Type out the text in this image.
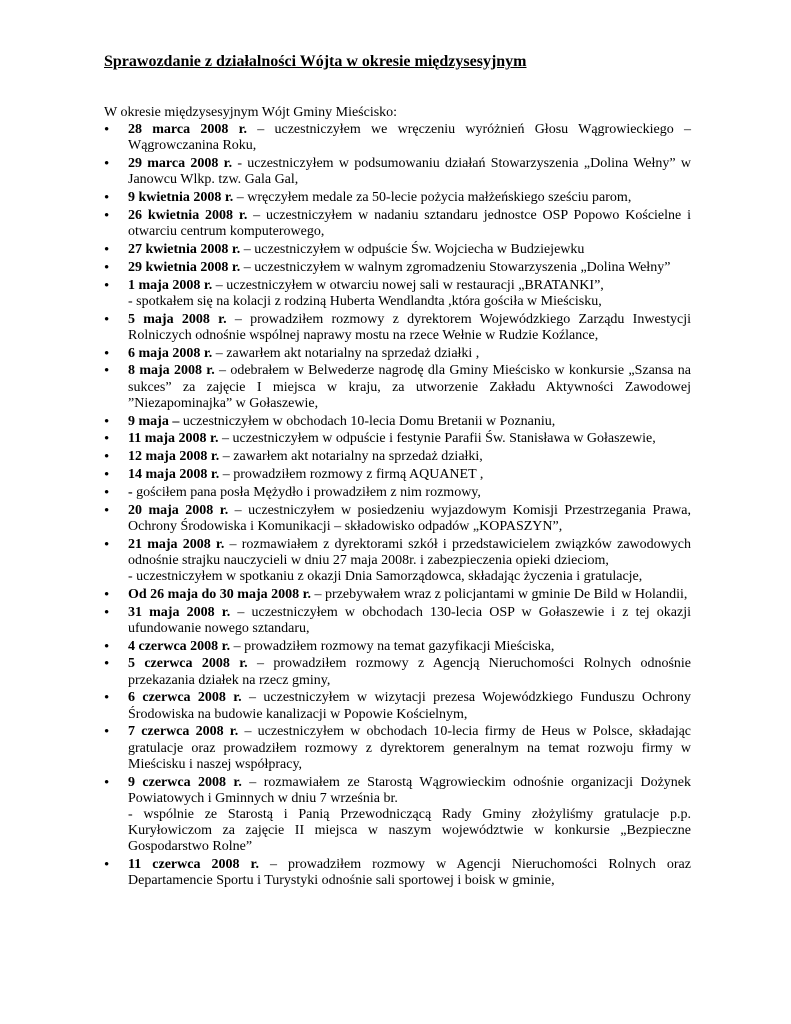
Sprawozdanie z działalności Wójta w okresie międzysesyjnym
W okresie międzysesyjnym Wójt Gminy Mieścisko:
• 28 marca 2008 r. – uczestniczyłem we wręczeniu wyróżnień Głosu Wągrowieckiego – Wągrowczanina Roku,
• 29 marca 2008 r. - uczestniczyłem w podsumowaniu działań Stowarzyszenia „Dolina Wełny” w Janowcu Wlkp. tzw. Gala Gal,
• 9 kwietnia 2008 r. – wręczyłem medale za 50-lecie pożycia małżeńskiego sześciu parom,
• 26 kwietnia 2008 r. – uczestniczyłem w nadaniu sztandaru jednostce OSP Popowo Kościelne i otwarciu centrum komputerowego,
• 27 kwietnia 2008 r. – uczestniczyłem w odpuście Św. Wojciecha w Budziejewku
• 29 kwietnia 2008 r. – uczestniczyłem w walnym zgromadzeniu Stowarzyszenia „Dolina Wełny”
• 1 maja 2008 r. – uczestniczyłem w otwarciu nowej sali w restauracji „BRATANKI”,
- spotkałem się na kolacji z rodziną Huberta Wendlandta ,która gościła w Mieścisku,
• 5 maja 2008 r. – prowadziłem rozmowy z dyrektorem Wojewódzkiego Zarządu Inwestycji Rolniczych odnośnie wspólnej naprawy mostu na rzece Wełnie w Rudzie Koźlance,
• 6 maja 2008 r. – zawarłem akt notarialny na sprzedaż działki ,
• 8 maja 2008 r. – odebrałem w Belwederze nagrodę dla Gminy Mieścisko w konkursie „Szansa na sukces” za zajęcie I miejsca w kraju, za utworzenie Zakładu Aktywności Zawodowej ”Niezapominajka” w Gołaszewie,
• 9 maja – uczestniczyłem w obchodach 10-lecia Domu Bretanii w Poznaniu,
• 11 maja 2008 r. – uczestniczyłem w odpuście i festynie Parafii Św. Stanisława w Gołaszewie,
• 12 maja 2008 r. – zawarłem akt notarialny na sprzedaż działki,
• 14 maja 2008 r. – prowadziłem rozmowy z firmą AQUANET ,
• - gościłem pana posła Mężydło i prowadziłem z nim rozmowy,
• 20 maja 2008 r. – uczestniczyłem w posiedzeniu wyjazdowym Komisji Przestrzegania Prawa, Ochrony Środowiska i Komunikacji – składowisko odpadów „KOPASZYN”,
• 21 maja 2008 r. – rozmawiałem z dyrektorami szkół i przedstawicielem związków zawodowych odnośnie strajku nauczycieli w dniu 27 maja 2008r. i zabezpieczenia opieki dzieciom,
- uczestniczyłem w spotkaniu z okazji Dnia Samorządowca, składając życzenia i gratulacje,
• Od 26 maja do 30 maja 2008 r. – przebywałem wraz z policjantami w gminie De Bild w Holandii,
• 31 maja 2008 r. – uczestniczyłem w obchodach 130-lecia OSP w Gołaszewie i z tej okazji ufundowanie nowego sztandaru,
• 4 czerwca 2008 r. – prowadziłem rozmowy na temat gazyfikacji Mieściska,
• 5 czerwca 2008 r. – prowadziłem rozmowy z Agencją Nieruchomości Rolnych odnośnie przekazania działek na rzecz gminy,
• 6 czerwca 2008 r. – uczestniczyłem w wizytacji prezesa Wojewódzkiego Funduszu Ochrony Środowiska na budowie kanalizacji w Popowie Kościelnym,
• 7 czerwca 2008 r. – uczestniczyłem w obchodach 10-lecia firmy de Heus w Polsce, składając gratulacje oraz prowadziłem rozmowy z dyrektorem generalnym na temat rozwoju firmy w Mieścisku i naszej współpracy,
• 9 czerwca 2008 r. – rozmawiałem ze Starostą Wągrowieckim odnośnie organizacji Dożynek Powiatowych i Gminnych w dniu 7 września br.
- wspólnie ze Starostą i Panią Przewodniczącą Rady Gminy złożyliśmy gratulacje p.p. Kuryłowiczom za zajęcie II miejsca w naszym województwie w konkursie „Bezpieczne Gospodarstwo Rolne”
• 11 czerwca 2008 r. – prowadziłem rozmowy w Agencji Nieruchomości Rolnych oraz Departamencie Sportu i Turystyki odnośnie sali sportowej i boisk w gminie,
